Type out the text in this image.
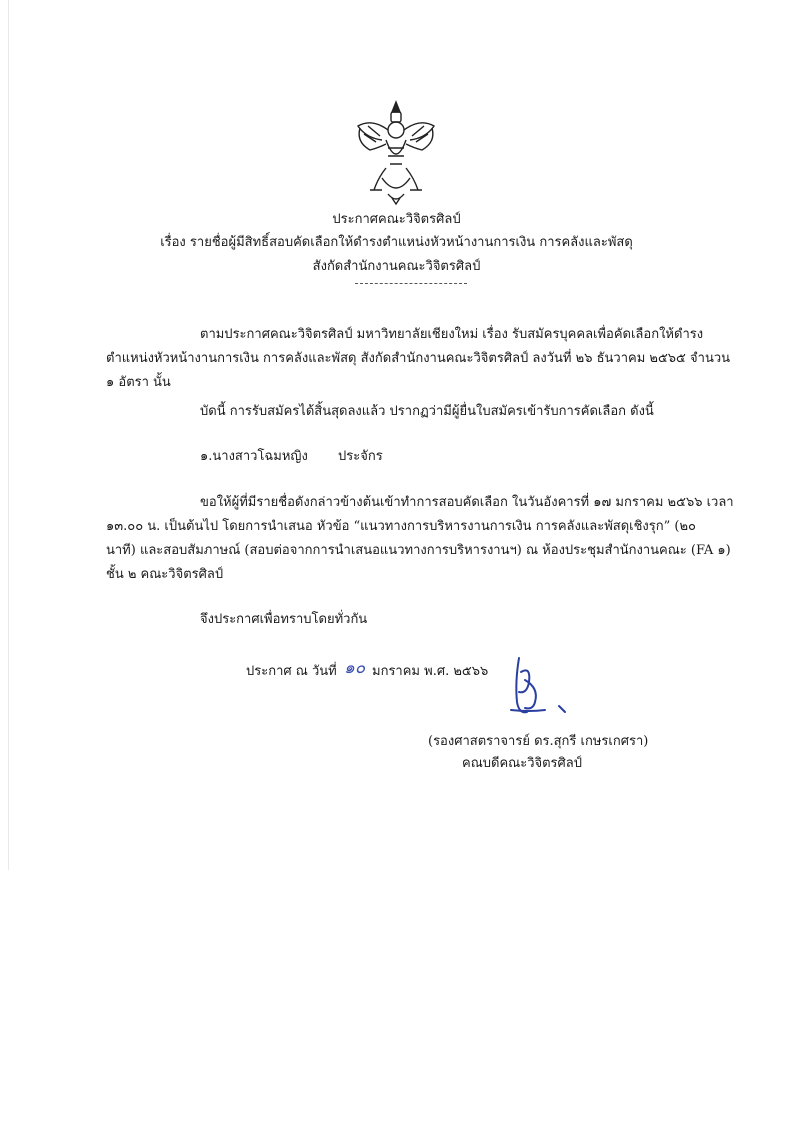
ประกาศคณะวิจิตรศิลป์
เรื่อง รายชื่อผู้มีสิทธิ์สอบคัดเลือกให้ดำรงตำแหน่งหัวหน้างานการเงิน การคลังและพัสดุ
สังกัดสำนักงานคณะวิจิตรศิลป์
ตามประกาศคณะวิจิตรศิลป์ มหาวิทยาลัยเชียงใหม่ เรื่อง รับสมัครบุคคลเพื่อคัดเลือกให้ดำรง
ตำแหน่งหัวหน้างานการเงิน การคลังและพัสดุ สังกัดสำนักงานคณะวิจิตรศิลป์ ลงวันที่ ๒๖ ธันวาคม ๒๕๖๕ จำนวน
๑ อัตรา นั้น
บัดนี้ การรับสมัครได้สิ้นสุดลงแล้ว ปรากฏว่ามีผู้ยื่นใบสมัครเข้ารับการคัดเลือก ดังนี้
๑.นางสาวโฉมหญิง ประจักร
ขอให้ผู้ที่มีรายชื่อดังกล่าวข้างต้นเข้าทำการสอบคัดเลือก ในวันอังคารที่ ๑๗ มกราคม ๒๕๖๖ เวลา
๑๓.๐๐ น. เป็นต้นไป โดยการนำเสนอ หัวข้อ “แนวทางการบริหารงานการเงิน การคลังและพัสดุเชิงรุก” (๒๐
นาที) และสอบสัมภาษณ์ (สอบต่อจากการนำเสนอแนวทางการบริหารงานฯ) ณ ห้องประชุมสำนักงานคณะ (FA ๑)
ชั้น ๒ คณะวิจิตรศิลป์
จึงประกาศเพื่อทราบโดยทั่วกัน
ประกาศ ณ วันที่ ๑๐ มกราคม พ.ศ. ๒๕๖๖
(รองศาสตราจารย์ ดร.สุกรี เกษรเกศรา)
คณบดีคณะวิจิตรศิลป์
